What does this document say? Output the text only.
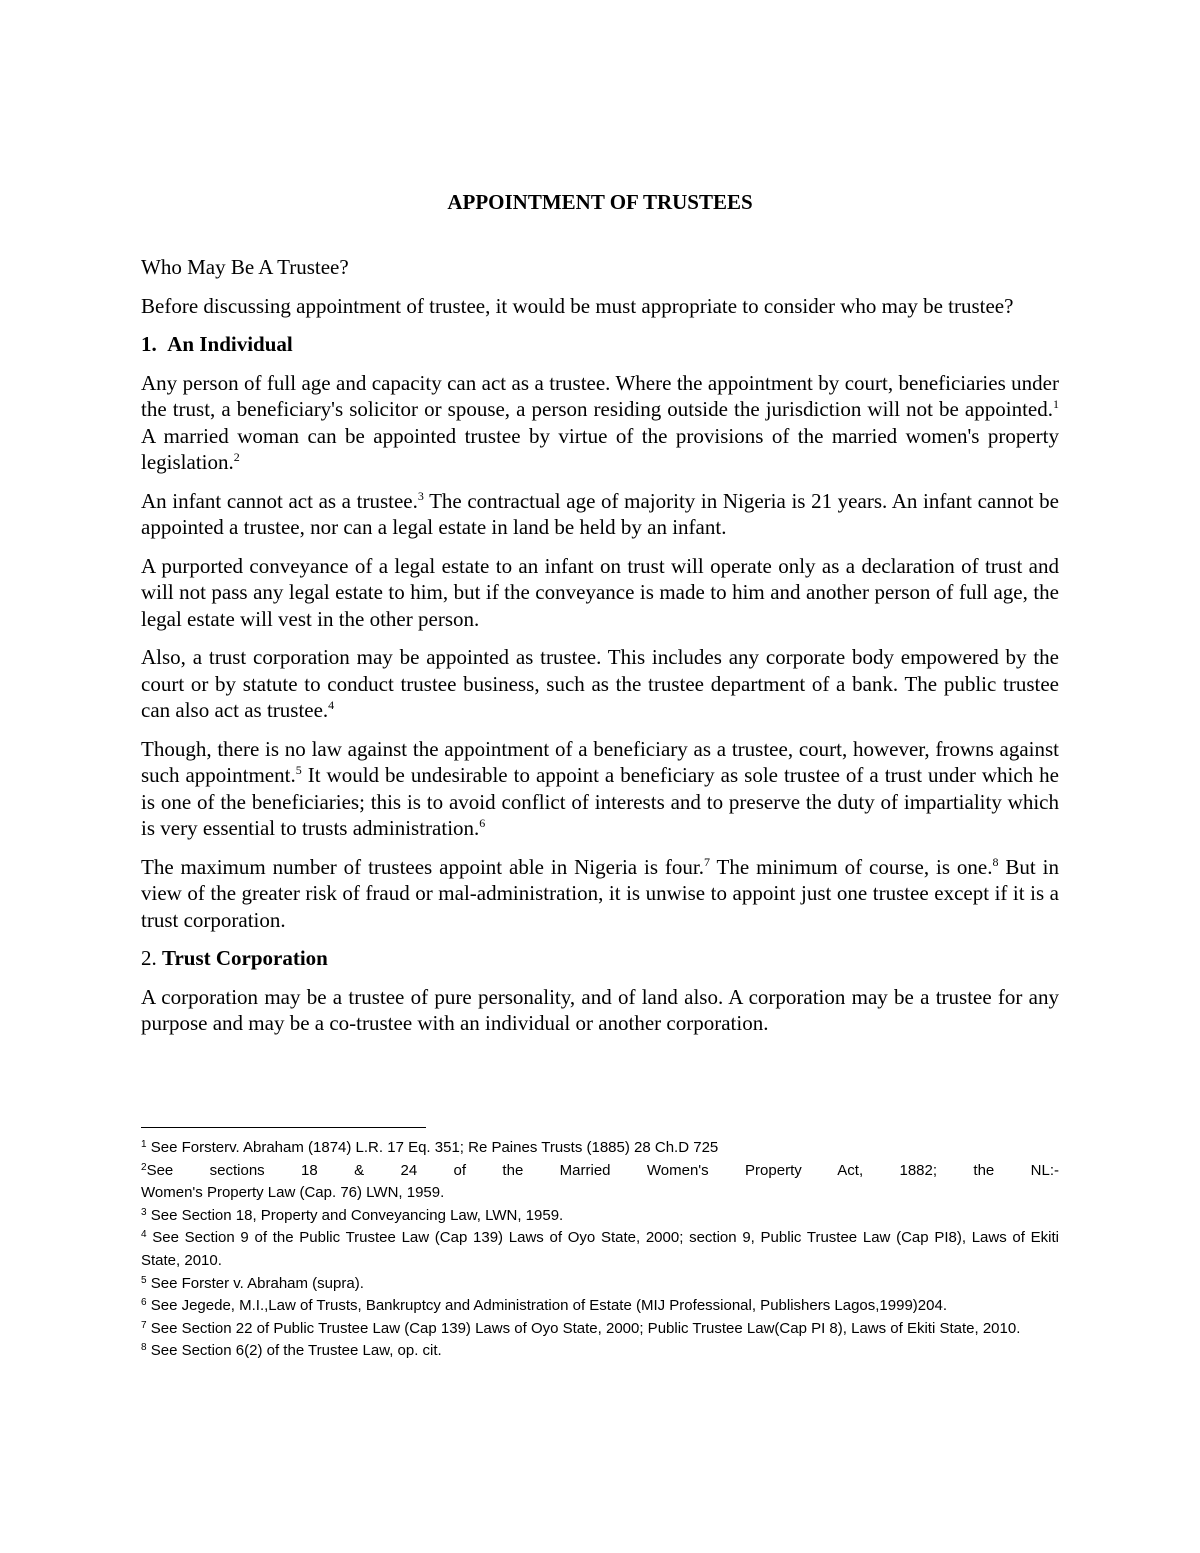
APPOINTMENT OF TRUSTEES

Who May Be A Trustee?

Before discussing appointment of trustee, it would be must appropriate to consider who may be trustee?

1. An Individual

Any person of full age and capacity can act as a trustee. Where the appointment by court, beneficiaries under the trust, a beneficiary's solicitor or spouse, a person residing outside the jurisdiction will not be appointed.$^1$ A married woman can be appointed trustee by virtue of the provisions of the married women's property legislation.$^2$

An infant cannot act as a trustee.$^3$ The contractual age of majority in Nigeria is 21 years. An infant cannot be appointed a trustee, nor can a legal estate in land be held by an infant.

A purported conveyance of a legal estate to an infant on trust will operate only as a declaration of trust and will not pass any legal estate to him, but if the conveyance is made to him and another person of full age, the legal estate will vest in the other person.

Also, a trust corporation may be appointed as trustee. This includes any corporate body empowered by the court or by statute to conduct trustee business, such as the trustee department of a bank. The public trustee can also act as trustee.$^4$

Though, there is no law against the appointment of a beneficiary as a trustee, court, however, frowns against such appointment.$^5$ It would be undesirable to appoint a beneficiary as sole trustee of a trust under which he is one of the beneficiaries; this is to avoid conflict of interests and to preserve the duty of impartiality which is very essential to trusts administration.$^6$

The maximum number of trustees appoint able in Nigeria is four.$^7$ The minimum of course, is one.$^8$ But in view of the greater risk of fraud or mal-administration, it is unwise to appoint just one trustee except if it is a trust corporation.

2. Trust Corporation

A corporation may be a trustee of pure personality, and of land also. A corporation may be a trustee for any purpose and may be a co-trustee with an individual or another corporation.

$^1$ See Forsterv. Abraham (1874) L.R. 17 Eq. 351; Re Paines Trusts (1885) 28 Ch.D 725

$^2$See sections 18 & 24 of the Married Women's Property Act, 1882; the NL:-

Women's Property Law (Cap. 76) LWN, 1959.

$^3$ See Section 18, Property and Conveyancing Law, LWN, 1959.

$^4$ See Section 9 of the Public Trustee Law (Cap 139) Laws of Oyo State, 2000; section 9, Public Trustee Law (Cap PI8), Laws of Ekiti State, 2010.

$^5$ See Forster v. Abraham (supra).

$^6$ See Jegede, M.I.,Law of Trusts, Bankruptcy and Administration of Estate (MIJ Professional, Publishers Lagos,1999)204.

$^7$ See Section 22 of Public Trustee Law (Cap 139) Laws of Oyo State, 2000; Public Trustee Law(Cap PI 8), Laws of Ekiti State, 2010.

$^8$ See Section 6(2) of the Trustee Law, op. cit.
